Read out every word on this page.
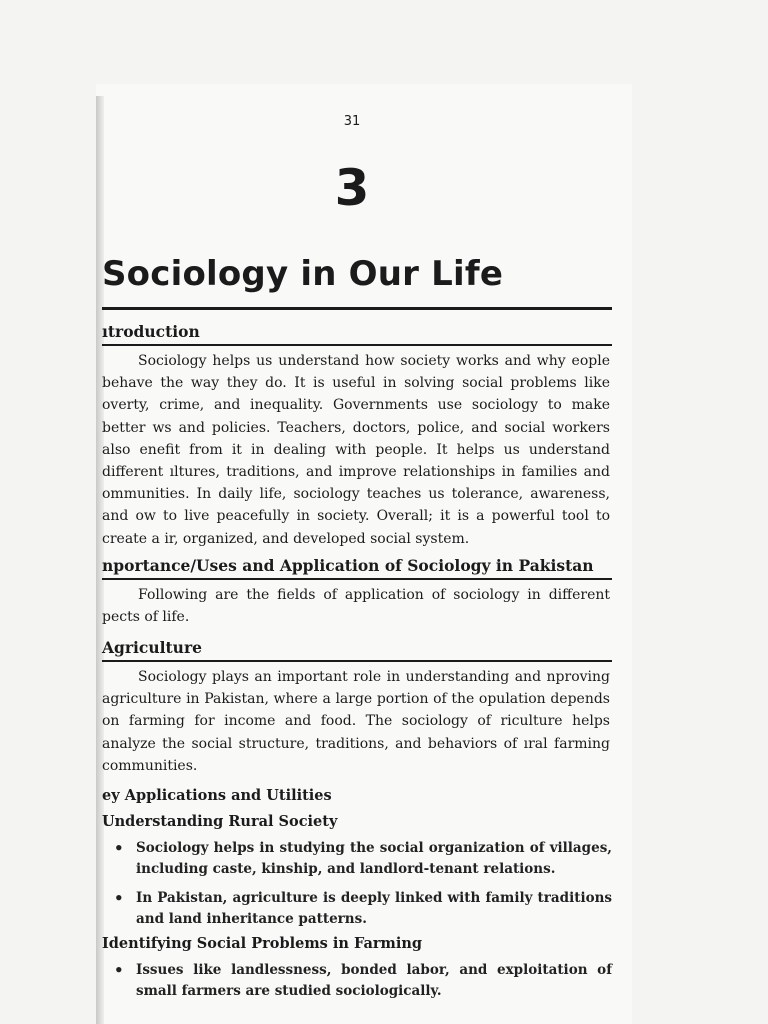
31
3
Sociology in Our Life
ıtroduction

Sociology helps us understand how society works and why eople behave the way they do. It is useful in solving social problems like overty, crime, and inequality. Governments use sociology to make better ws and policies. Teachers, doctors, police, and social workers also enefit from it in dealing with people. It helps us understand different ıltures, traditions, and improve relationships in families and ommunities. In daily life, sociology teaches us tolerance, awareness, and ow to live peacefully in society. Overall; it is a powerful tool to create a ir, organized, and developed social system.

nportance/Uses and Application of Sociology in Pakistan

Following are the fields of application of sociology in different pects of life.

Agriculture

Sociology plays an important role in understanding and nproving agriculture in Pakistan, where a large portion of the opulation depends on farming for income and food. The sociology of riculture helps analyze the social structure, traditions, and behaviors of ıral farming communities.

ey Applications and Utilities
Understanding Rural Society
• Sociology helps in studying the social organization of villages, including caste, kinship, and landlord-tenant relations.
• In Pakistan, agriculture is deeply linked with family traditions and land inheritance patterns.
Identifying Social Problems in Farming
• Issues like landlessness, bonded labor, and exploitation of small farmers are studied sociologically.
